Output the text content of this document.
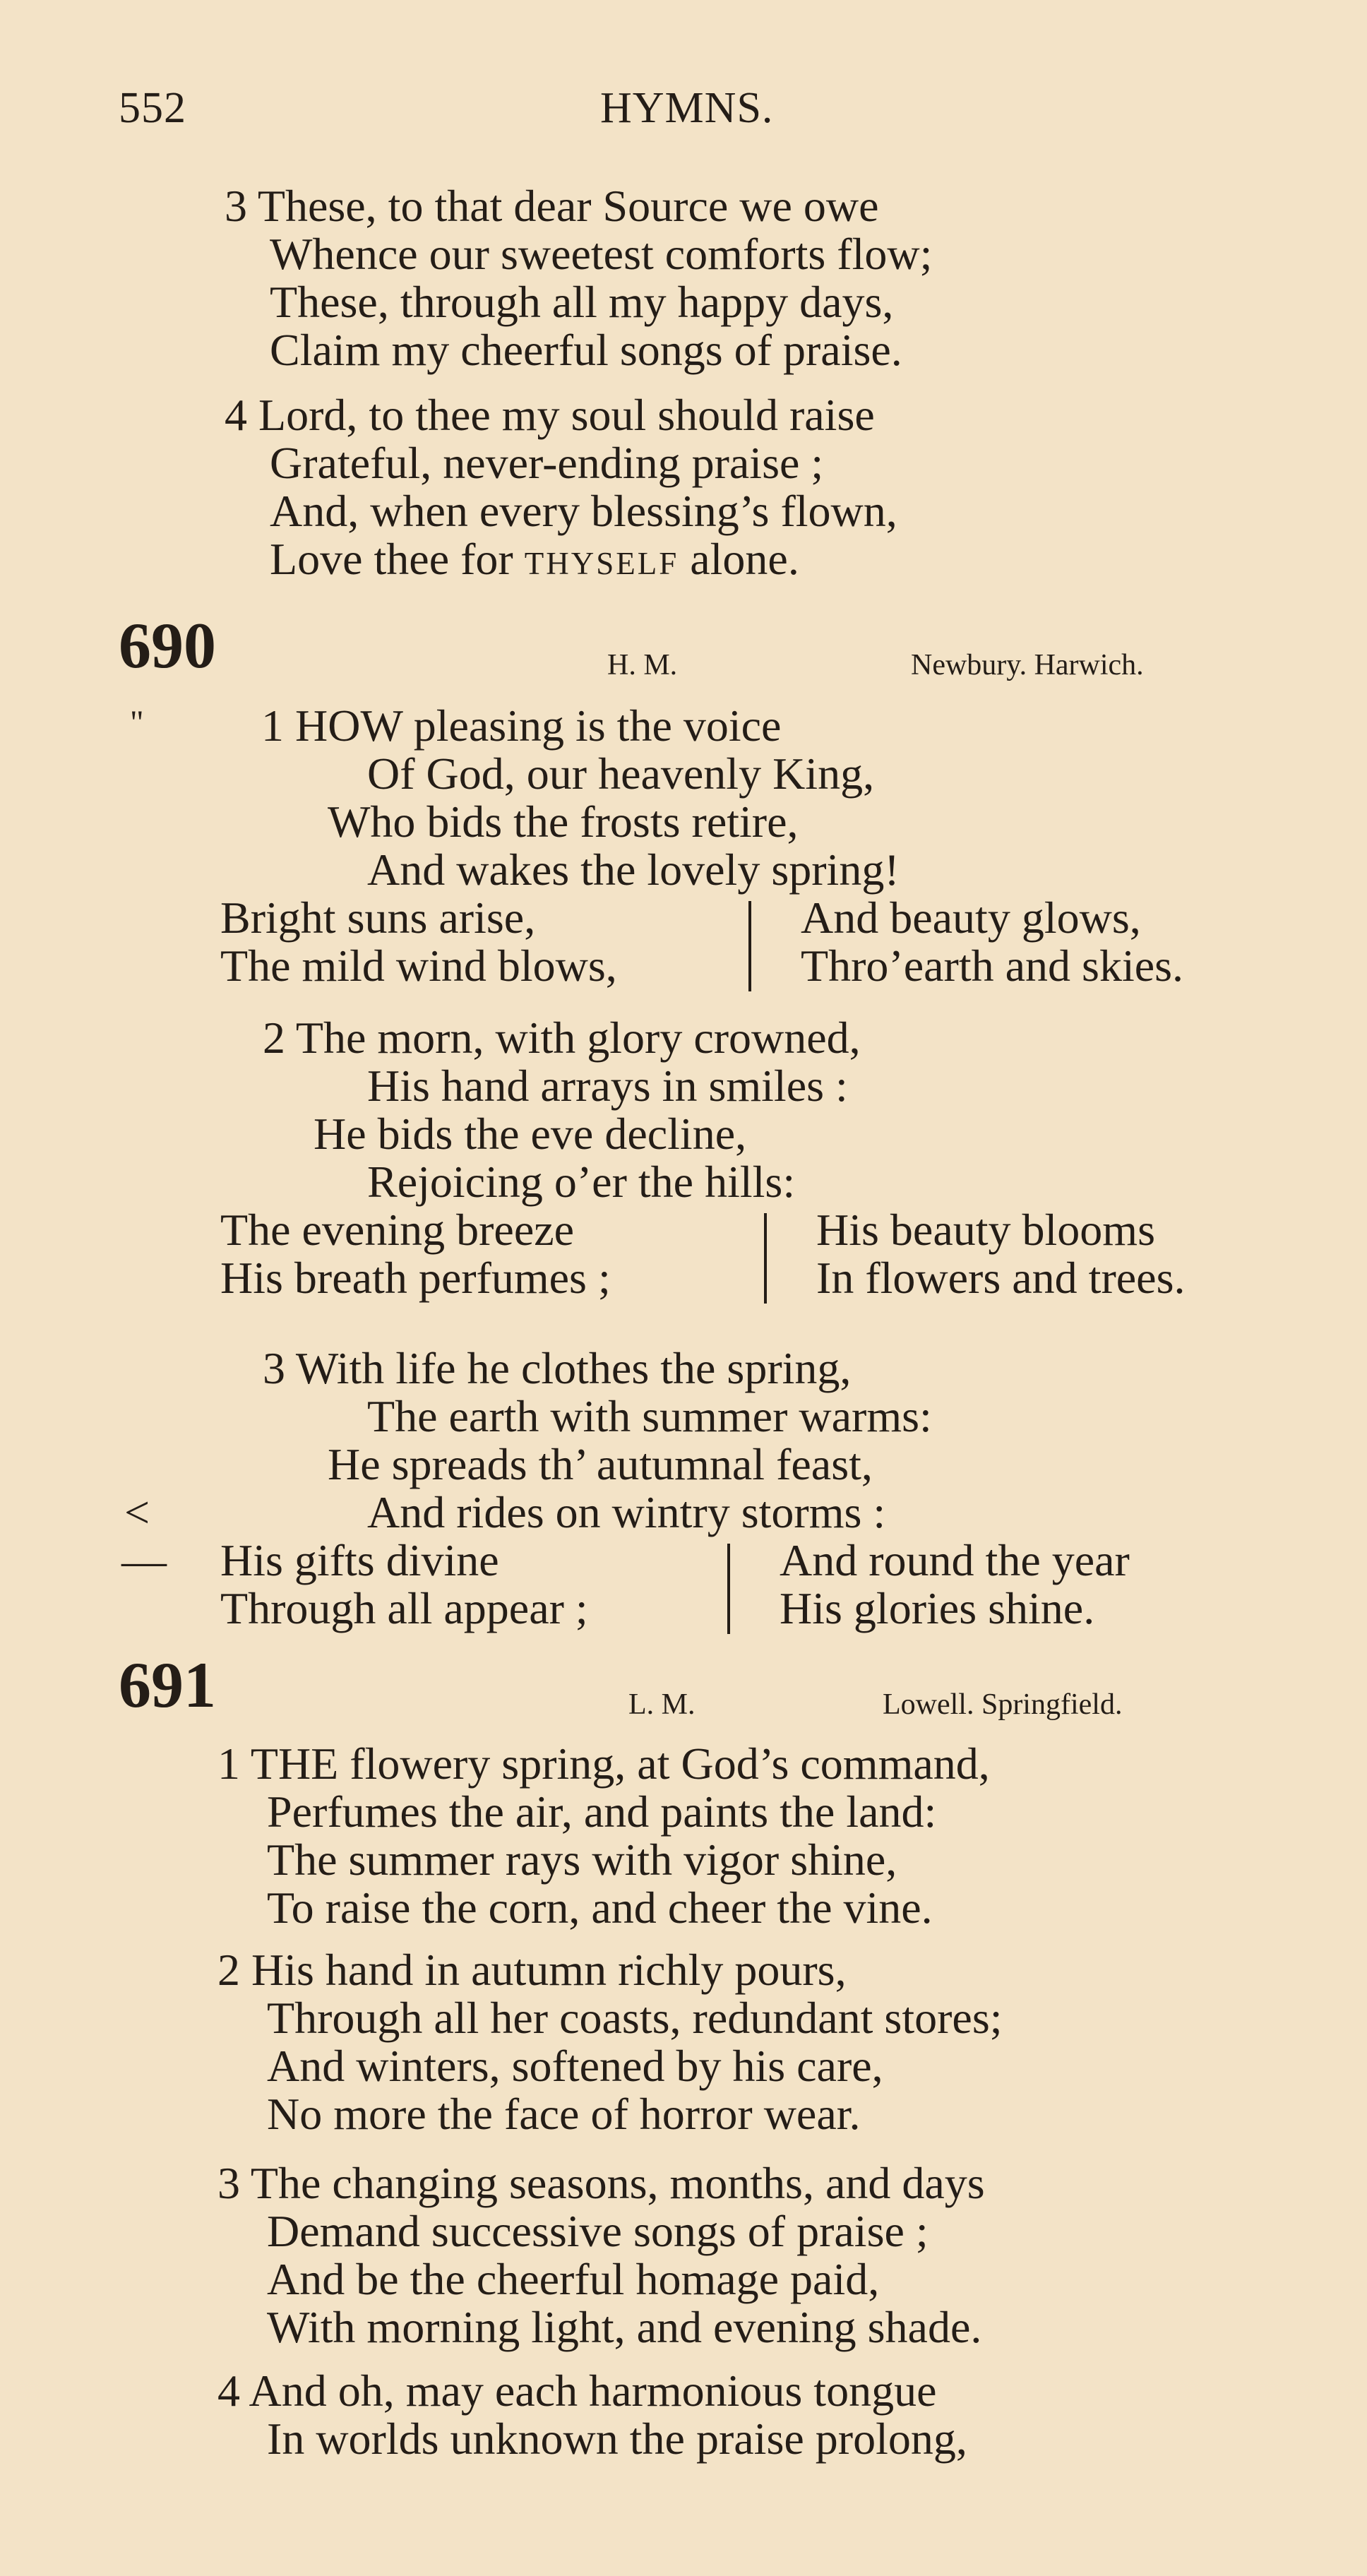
552	HYMNS.
3 These, to that dear Source we owe
Whence our sweetest comforts flow;
These, through all my happy days,
Claim my cheerful songs of praise.
4 Lord, to thee my soul should raise
Grateful, never-ending praise ;
And, when every blessing’s flown,
Love thee for thyself alone.
690	H. M.	Newbury. Harwich.
"	1 HOW pleasing is the voice
Of God, our heavenly King,
Who bids the frosts retire,
And wakes the lovely spring!
Bright suns arise,
The mild wind blows,
And beauty glows,
Thro’earth and skies.
2 The morn, with glory crowned,
His hand arrays in smiles :
He bids the eve decline,
Rejoicing o’er the hills:
The evening breeze
His breath perfumes ;
His beauty blooms
In flowers and trees.
3 With life he clothes the spring,
The earth with summer warms:
He spreads th’ autumnal feast,
<	And rides on wintry storms :
— His gifts divine
Through all appear ;
And round the year
His glories shine.
691	L. M.	Lowell. Springfield.
1 THE flowery spring, at God’s command,
Perfumes the air, and paints the land:
The summer rays with vigor shine,
To raise the corn, and cheer the vine.
2 His hand in autumn richly pours,
Through all her coasts, redundant stores;
And winters, softened by his care,
No more the face of horror wear.
3 The changing seasons, months, and days
Demand successive songs of praise ;
And be the cheerful homage paid,
With morning light, and evening shade.
4 And oh, may each harmonious tongue
In worlds unknown the praise prolong,
